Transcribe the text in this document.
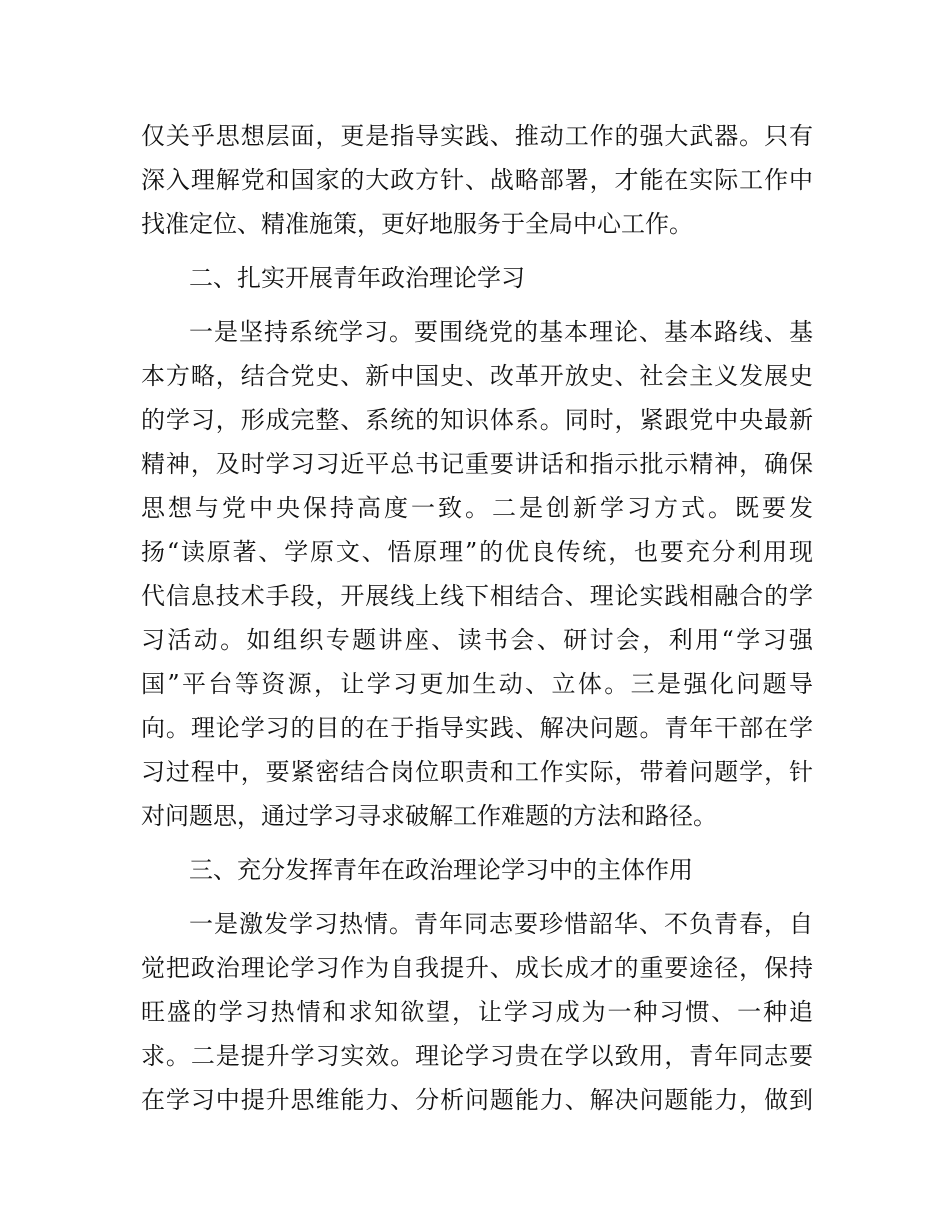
仅关乎思想层面，更是指导实践、推动工作的强大武器。只有
深入理解党和国家的大政方针、战略部署，才能在实际工作中
找准定位、精准施策，更好地服务于全局中心工作。
二、扎实开展青年政治理论学习
一是坚持系统学习。要围绕党的基本理论、基本路线、基
本方略，结合党史、新中国史、改革开放史、社会主义发展史
的学习，形成完整、系统的知识体系。同时，紧跟党中央最新
精神，及时学习习近平总书记重要讲话和指示批示精神，确保
思想与党中央保持高度一致。二是创新学习方式。既要发
扬“读原著、学原文、悟原理”的优良传统，也要充分利用现
代信息技术手段，开展线上线下相结合、理论实践相融合的学
习活动。如组织专题讲座、读书会、研讨会，利用“学习强
国”平台等资源，让学习更加生动、立体。三是强化问题导
向。理论学习的目的在于指导实践、解决问题。青年干部在学
习过程中，要紧密结合岗位职责和工作实际，带着问题学，针
对问题思，通过学习寻求破解工作难题的方法和路径。
三、充分发挥青年在政治理论学习中的主体作用
一是激发学习热情。青年同志要珍惜韶华、不负青春，自
觉把政治理论学习作为自我提升、成长成才的重要途径，保持
旺盛的学习热情和求知欲望，让学习成为一种习惯、一种追
求。二是提升学习实效。理论学习贵在学以致用，青年同志要
在学习中提升思维能力、分析问题能力、解决问题能力，做到
